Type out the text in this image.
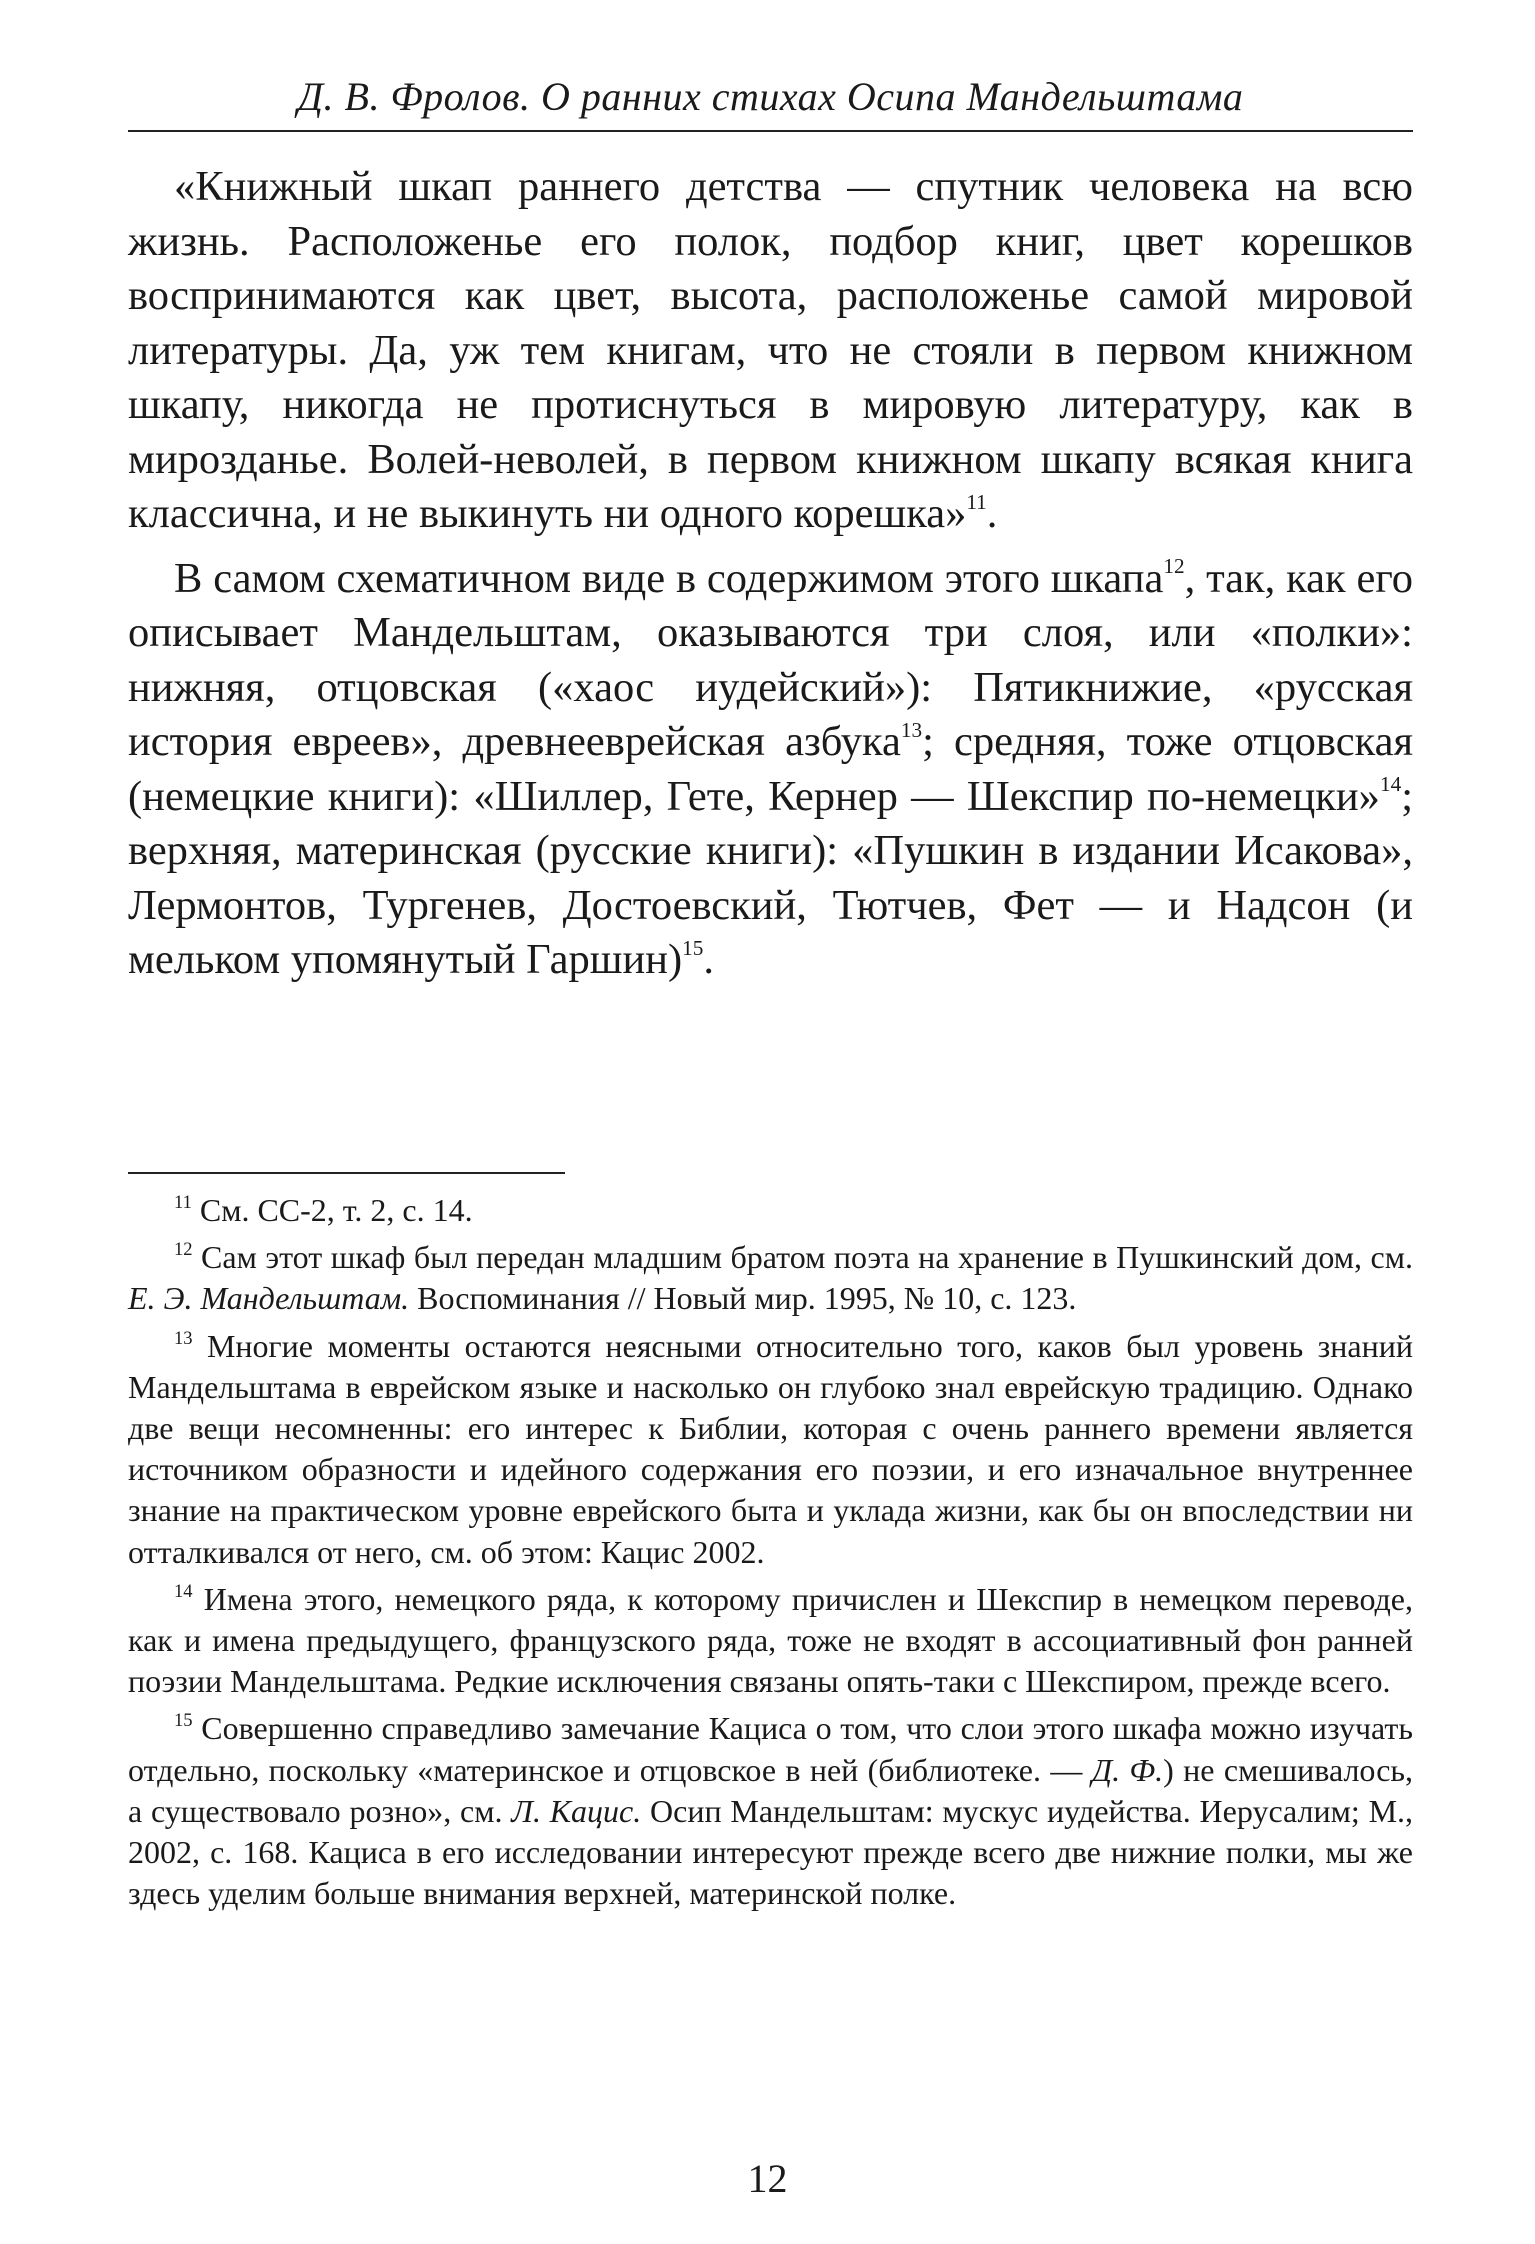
Д. В. Фролов. О ранних стихах Осипа Мандельштама

«Книжный шкап раннего детства — спутник человека на всю жизнь. Расположенье его полок, подбор книг, цвет корешков воспринимаются как цвет, высота, расположенье самой мировой литературы. Да, уж тем книгам, что не стояли в первом книжном шкапу, никогда не протиснуться в мировую литературу, как в мирозданье. Волей-неволей, в первом книжном шкапу всякая книга классична, и не выкинуть ни одного корешка»$^{11}$.

В самом схематичном виде в содержимом этого шкапа$^{12}$, так, как его описывает Мандельштам, оказываются три слоя, или «полки»: нижняя, отцовская («хаос иудейский»): Пятикнижие, «русская история евреев», древнееврейская азбука$^{13}$; средняя, тоже отцовская (немецкие книги): «Шиллер, Гете, Кернер — Шекспир по-немецки»$^{14}$; верхняя, материнская (русские книги): «Пушкин в издании Исакова», Лермонтов, Тургенев, Достоевский, Тютчев, Фет — и Надсон (и мельком упомянутый Гаршин)$^{15}$.

$^{11}$ См. СС-2, т. 2, с. 14.

$^{12}$ Сам этот шкаф был передан младшим братом поэта на хранение в Пушкинский дом, см. Е. Э. Мандельштам. Воспоминания // Новый мир. 1995, № 10, с. 123.

$^{13}$ Многие моменты остаются неясными относительно того, каков был уровень знаний Мандельштама в еврейском языке и насколько он глубоко знал еврейскую традицию. Однако две вещи несомненны: его интерес к Библии, которая с очень раннего времени является источником образности и идейного содержания его поэзии, и его изначальное внутреннее знание на практическом уровне еврейского быта и уклада жизни, как бы он впоследствии ни отталкивался от него, см. об этом: Кацис 2002.

$^{14}$ Имена этого, немецкого ряда, к которому причислен и Шекспир в немецком переводе, как и имена предыдущего, французского ряда, тоже не входят в ассоциативный фон ранней поэзии Мандельштама. Редкие исключения связаны опять-таки с Шекспиром, прежде всего.

$^{15}$ Совершенно справедливо замечание Кациса о том, что слои этого шкафа можно изучать отдельно, поскольку «материнское и отцовское в ней (библиотеке. — Д. Ф.) не смешивалось, а существовало розно», см. Л. Кацис. Осип Мандельштам: мускус иудейства. Иерусалим; М., 2002, с. 168. Кациса в его исследовании интересуют прежде всего две нижние полки, мы же здесь уделим больше внимания верхней, материнской полке.

12
